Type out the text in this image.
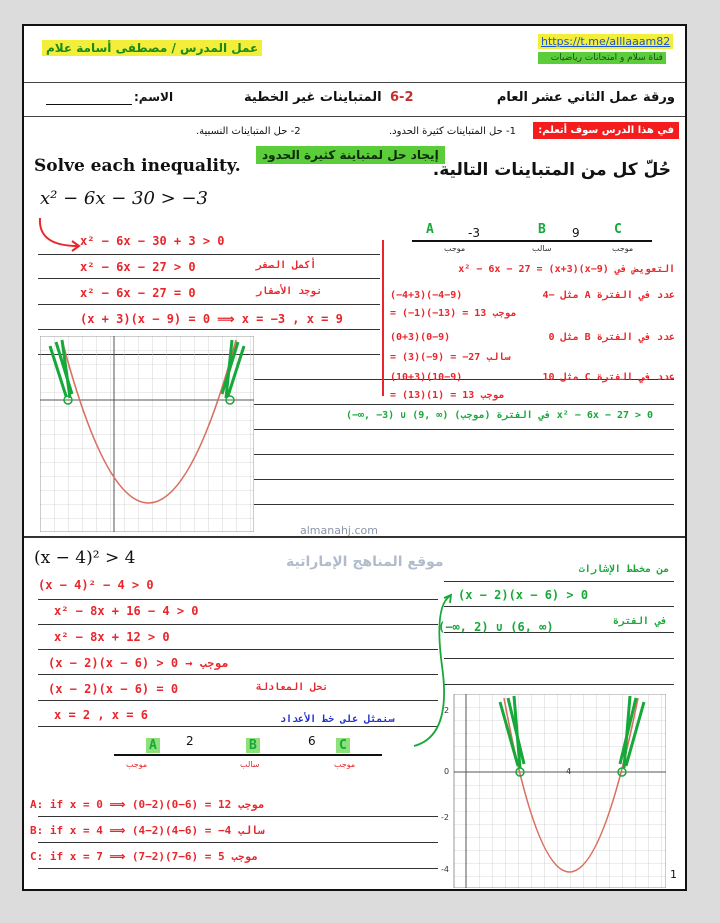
عمل المدرس / مصطفى أسامة علام	https://t.me/alllaaam82
قناة سلام و امتحانات رياضيات
ورقة عمل الثاني عشر العام
6-2
المتباينات غير الخطية
الاسم:
في هذا الدرس سوف أتعلم:
1- حل المتباينات كثيرة الحدود.
2- حل المتباينات النسبية.
إيجاد حل لمتباينة كثيرة الحدود
Solve each inequality.	حُلّ كل من المتباينات التالية.
x² − 6x − 30 > −3
x² − 6x − 30 + 3 > 0
x² − 6x − 27 > 0
x² − 6x − 27 = 0
(x + 3)(x − 9) = 0 ⟹ x = −3 , x = 9
أكمل الصفر
نوجد الأصفار
A	B	C
-3	9
موجب	سالب	موجب
التعويض في x² − 6x − 27 = (x+3)(x−9)
عدد في الفترة A مثل −4
(−4+3)(−4−9)
= (−1)(−13) = 13 موجب
عدد في الفترة B مثل 0
(0+3)(0−9)
= (3)(−9) = −27 سالب
عدد في الفترة C مثل 10
(10+3)(10−9)
= (13)(1) = 13 موجب
(−∞, −3) ∪ (9, ∞) (موجب) في الفترة x² − 6x − 27 > 0
almanahj.com
موقع المناهج الإماراتية
(x − 4)² > 4
(x − 4)² − 4 > 0
x² − 8x + 16 − 4 > 0
x² − 8x + 12 > 0
(x − 2)(x − 6) > 0 → موجب
(x − 2)(x − 6) = 0
x = 2 , x = 6
نحل المعادلة
سنمثل على خط الأعداد
من مخطط الإشارات
(x − 2)(x − 6) > 0
في الفترة
(−∞, 2) ∪ (6, ∞)
A	B	C
2	6
موجب	سالب	موجب
A: if x = 0 ⟹ (0−2)(0−6) = 12 موجب
B: if x = 4 ⟹ (4−2)(4−6) = −4 سالب
C: if x = 7 ⟹ (7−2)(7−6) = 5 موجب
2
0
-2
-4
4
1
